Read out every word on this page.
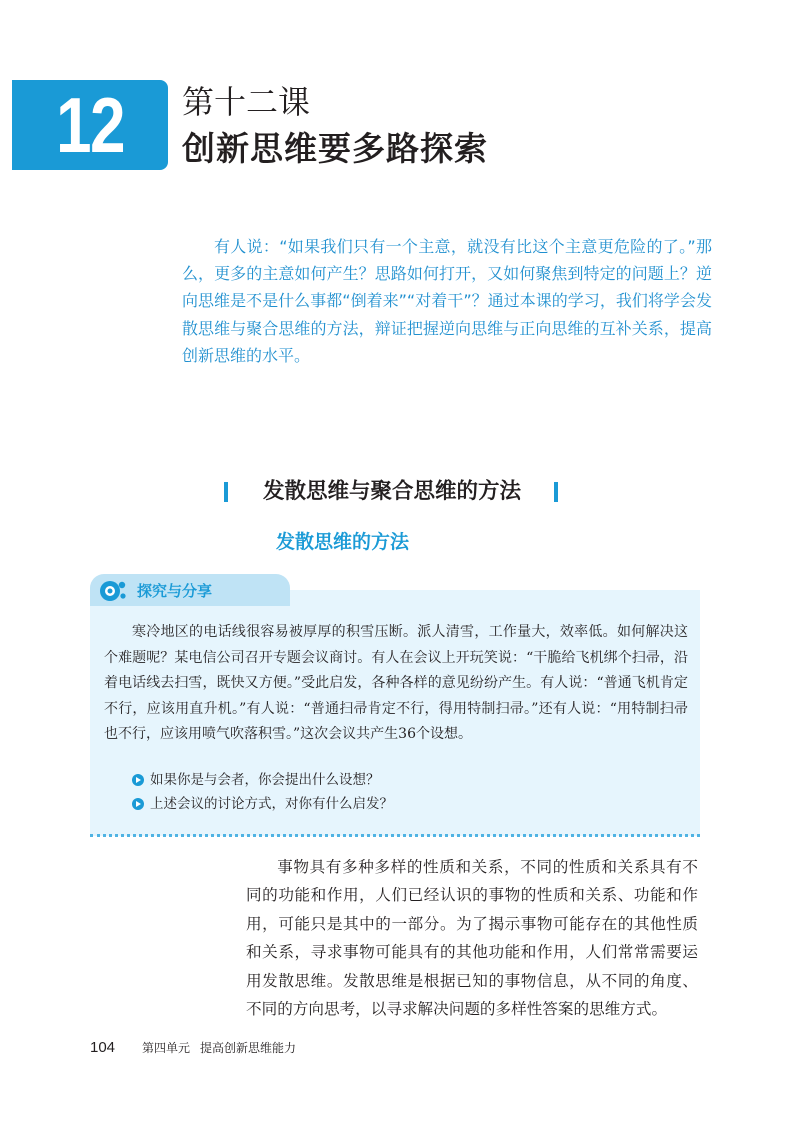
12	第十二课
创新思维要多路探索

有人说：“如果我们只有一个主意，就没有比这个主意更危险的了。”那么，更多的主意如何产生？思路如何打开，又如何聚焦到特定的问题上？逆向思维是不是什么事都“倒着来”“对着干”？通过本课的学习，我们将学会发散思维与聚合思维的方法，辩证把握逆向思维与正向思维的互补关系，提高创新思维的水平。

发散思维与聚合思维的方法
发散思维的方法
探究与分享

寒冷地区的电话线很容易被厚厚的积雪压断。派人清雪，工作量大，效率低。如何解决这个难题呢？某电信公司召开专题会议商讨。有人在会议上开玩笑说：“干脆给飞机绑个扫帚，沿着电话线去扫雪，既快又方便。”受此启发，各种各样的意见纷纷产生。有人说：“普通飞机肯定不行，应该用直升机。”有人说：“普通扫帚肯定不行，得用特制扫帚。”还有人说：“用特制扫帚也不行，应该用喷气吹落积雪。”这次会议共产生36个设想。

如果你是与会者，你会提出什么设想？
上述会议的讨论方式，对你有什么启发？

事物具有多种多样的性质和关系，不同的性质和关系具有不同的功能和作用，人们已经认识的事物的性质和关系、功能和作用，可能只是其中的一部分。为了揭示事物可能存在的其他性质和关系，寻求事物可能具有的其他功能和作用，人们常常需要运用发散思维。发散思维是根据已知的事物信息，从不同的角度、不同的方向思考，以寻求解决问题的多样性答案的思维方式。

104 第四单元 提高创新思维能力
